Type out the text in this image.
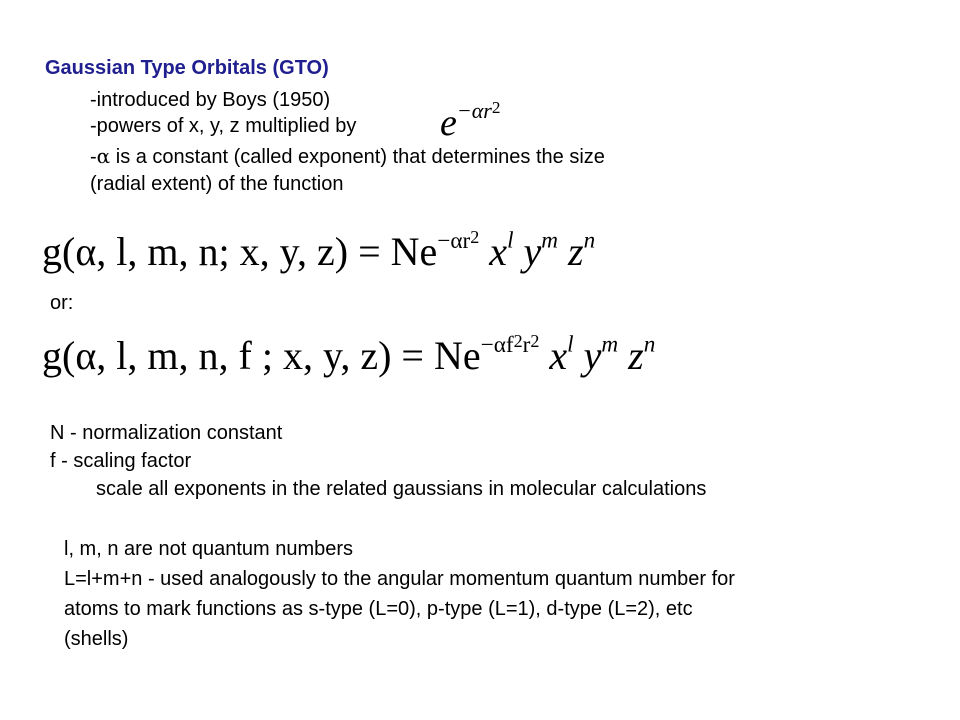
Gaussian Type Orbitals (GTO)
-introduced by Boys (1950)
-powers of x, y, z multiplied by $e^{-\alpha r^2}$
-α is a constant (called exponent) that determines the size
(radial extent) of the function
g(α, l, m, n; x, y, $z) = Ne^{-\alpha r^2}$ $x^l$ $y^m$ $z^n$
or:
g(α, l, m, n, f ; x, y, $z) = Ne^{-\alpha f^2r^2}$ $x^l$ $y^m$ $z^n$
N - normalization constant
f - scaling factor
scale all exponents in the related gaussians in molecular calculations
l, m, n are not quantum numbers
L=l+m+n - used analogously to the angular momentum quantum number for
atoms to mark functions as s-type (L=0), p-type (L=1), d-type (L=2), etc
(shells)
